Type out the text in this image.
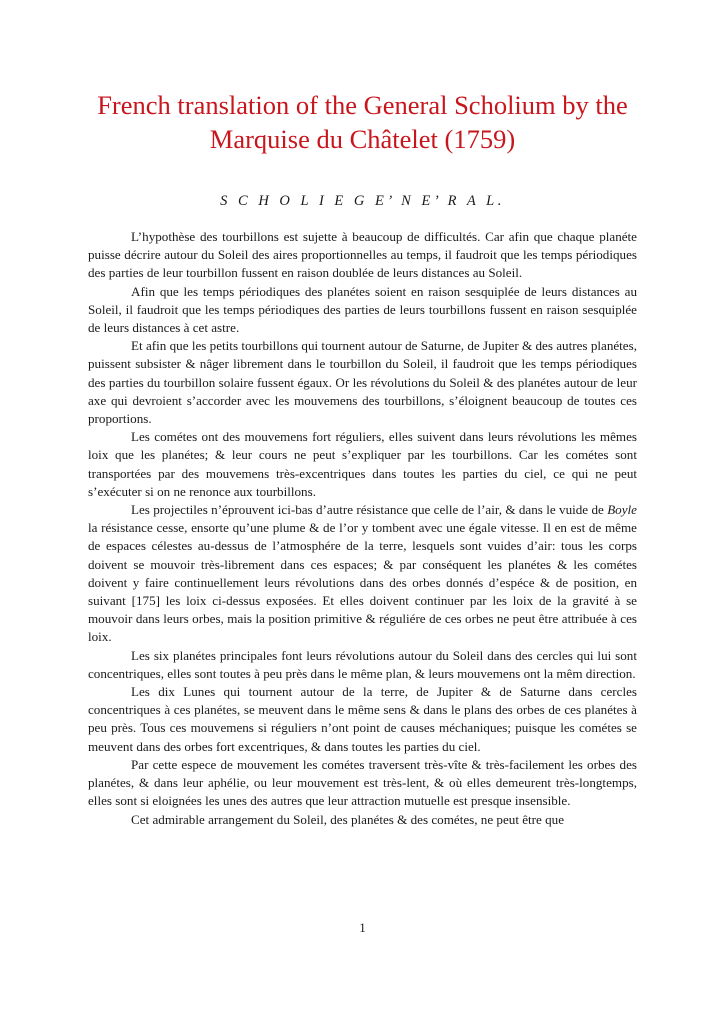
French translation of the General Scholium by the Marquise du Châtelet (1759)
S C H O L I E G E’ N E’ R A L.

L’hypothèse des tourbillons est sujette à beaucoup de difficultés. Car afin que chaque planéte puisse décrire autour du Soleil des aires proportionnelles au temps, il faudroit que les temps périodiques des parties de leur tourbillon fussent en raison doublée de leurs distances au Soleil.

Afin que les temps périodiques des planétes soient en raison sesquiplée de leurs distances au Soleil, il faudroit que les temps périodiques des parties de leurs tourbillons fussent en raison sesquiplée de leurs distances à cet astre.

Et afin que les petits tourbillons qui tournent autour de Saturne, de Jupiter & des autres planétes, puissent subsister & nâger librement dans le tourbillon du Soleil, il faudroit que les temps périodiques des parties du tourbillon solaire fussent égaux. Or les révolutions du Soleil & des planétes autour de leur axe qui devroient s’accorder avec les mouvemens des tourbillons, s’éloignent beaucoup de toutes ces proportions.

Les cométes ont des mouvemens fort réguliers, elles suivent dans leurs révolutions les mêmes loix que les planétes; & leur cours ne peut s’expliquer par les tourbillons. Car les cométes sont transportées par des mouvemens très-excentriques dans toutes les parties du ciel, ce qui ne peut s’exécuter si on ne renonce aux tourbillons.

Les projectiles n’éprouvent ici-bas d’autre résistance que celle de l’air, & dans le vuide de Boyle la résistance cesse, ensorte qu’une plume & de l’or y tombent avec une égale vitesse. Il en est de même de espaces célestes au-dessus de l’atmosphére de la terre, lesquels sont vuides d’air: tous les corps doivent se mouvoir très-librement dans ces espaces; & par conséquent les planétes & les cométes doivent y faire continuellement leurs révolutions dans des orbes donnés d’espéce & de position, en suivant [175] les loix ci-dessus exposées. Et elles doivent continuer par les loix de la gravité à se mouvoir dans leurs orbes, mais la position primitive & réguliére de ces orbes ne peut être attribuée à ces loix.

Les six planétes principales font leurs révolutions autour du Soleil dans des cercles qui lui sont concentriques, elles sont toutes à peu près dans le même plan, & leurs mouvemens ont la mêm direction.

Les dix Lunes qui tournent autour de la terre, de Jupiter & de Saturne dans cercles concentriques à ces planétes, se meuvent dans le même sens & dans le plans des orbes de ces planétes à peu près. Tous ces mouvemens si réguliers n’ont point de causes méchaniques; puisque les cométes se meuvent dans des orbes fort excentriques, & dans toutes les parties du ciel.

Par cette espece de mouvement les cométes traversent très-vîte & très-facilement les orbes des planétes, & dans leur aphélie, ou leur mouvement est très-lent, & où elles demeurent très-longtemps, elles sont si eloignées les unes des autres que leur attraction mutuelle est presque insensible.

Cet admirable arrangement du Soleil, des planétes & des cométes, ne peut être que

1
